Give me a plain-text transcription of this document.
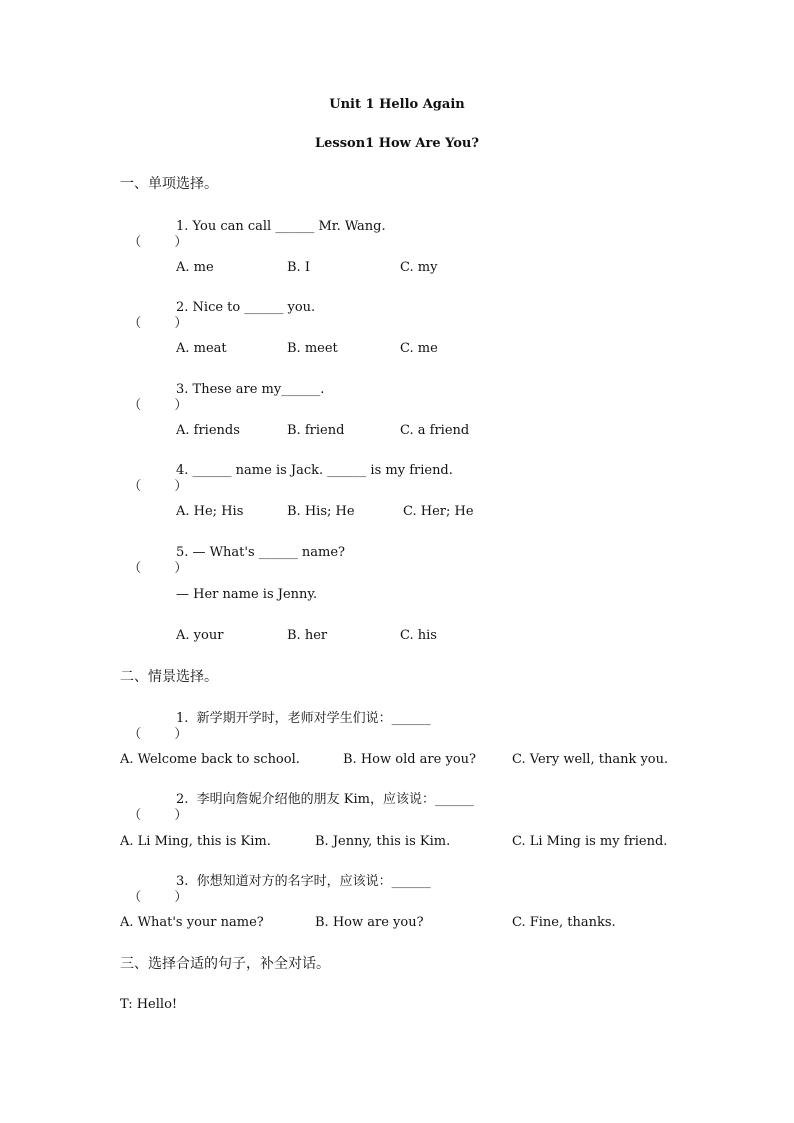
Unit 1 Hello Again
Lesson1 How Are You?
一、单项选择。

（        ）

1. You can call ______ Mr. Wang.
A. me	B. I	C. my

（        ）

2. Nice to ______ you.
A. meat	B. meet	C. me

（        ）

3. These are my______.
A. friends	B. friend	C. a friend

（        ）

4. ______ name is Jack. ______ is my friend.
A. He; His	B. His; He	C. Her; He

（        ）

5. — What's ______ name?
— Her name is Jenny.
A. your	B. her	C. his
二、情景选择。

（        ）

1.  新学期开学时，老师对学生们说：______
A. Welcome back to school.	B. How old are you?	C. Very well, thank you.

（        ）

2.  李明向詹妮介绍他的朋友 Kim，应该说：______
A. Li Ming, this is Kim.	B. Jenny, this is Kim.	C. Li Ming is my friend.

（        ）

3.  你想知道对方的名字时，应该说：______
A. What's your name?	B. How are you?	C. Fine, thanks.
三、选择合适的句子，补全对话。
T: Hello!
